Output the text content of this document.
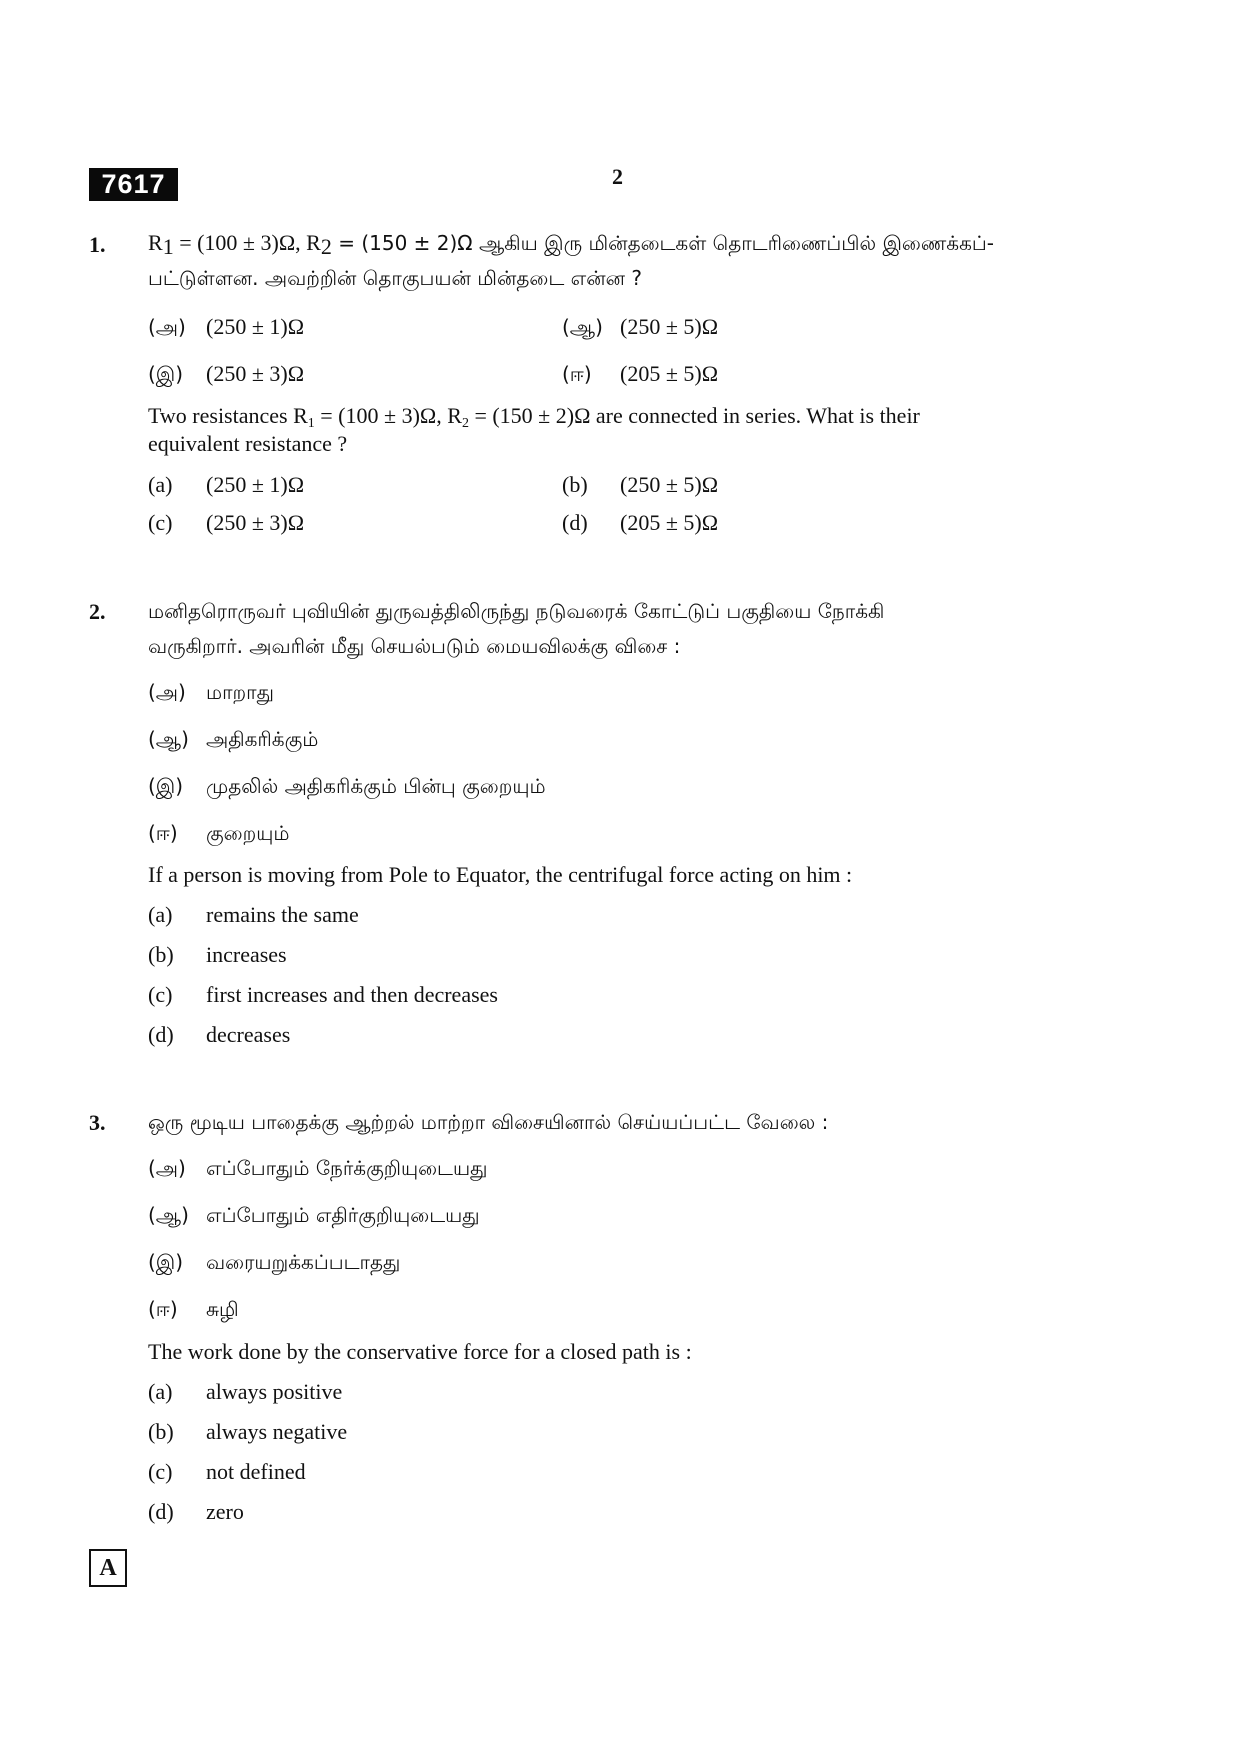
7617	2
1. $R_1 = (100 \pm 3)\Omega$, $R_2 = (150 \pm 2)\Omega$ ஆகிய இரு மின்தடைகள் தொடரிணைப்பில் இணைக்கப்-
பட்டுள்ளன. அவற்றின் தொகுபயன் மின்தடை என்ன ?
(அ) (250 ± 1)Ω	(ஆ) (250 ± 5)Ω
(இ) (250 ± 3)Ω	(ஈ) (205 ± 5)Ω
Two resistances $R_1 = (100 \pm 3)\Omega$, $R_2 = (150 \pm 2)\Omega$ are connected in series. What is their
equivalent resistance ?
(a) (250 ± 1)Ω	(b) (250 ± 5)Ω
(c) (250 ± 3)Ω	(d) (205 ± 5)Ω
2. மனிதரொருவர் புவியின் துருவத்திலிருந்து நடுவரைக் கோட்டுப் பகுதியை நோக்கி
வருகிறார். அவரின் மீது செயல்படும் மையவிலக்கு விசை :
(அ) மாறாது
(ஆ) அதிகரிக்கும்
(இ) முதலில் அதிகரிக்கும் பின்பு குறையும்
(ஈ) குறையும்
If a person is moving from Pole to Equator, the centrifugal force acting on him :
(a) remains the same
(b) increases
(c) first increases and then decreases
(d) decreases
3. ஒரு மூடிய பாதைக்கு ஆற்றல் மாற்றா விசையினால் செய்யப்பட்ட வேலை :
(அ) எப்போதும் நேர்க்குறியுடையது
(ஆ) எப்போதும் எதிர்குறியுடையது
(இ) வரையறுக்கப்படாதது
(ஈ) சுழி
The work done by the conservative force for a closed path is :
(a) always positive
(b) always negative
(c) not defined
(d) zero
A
